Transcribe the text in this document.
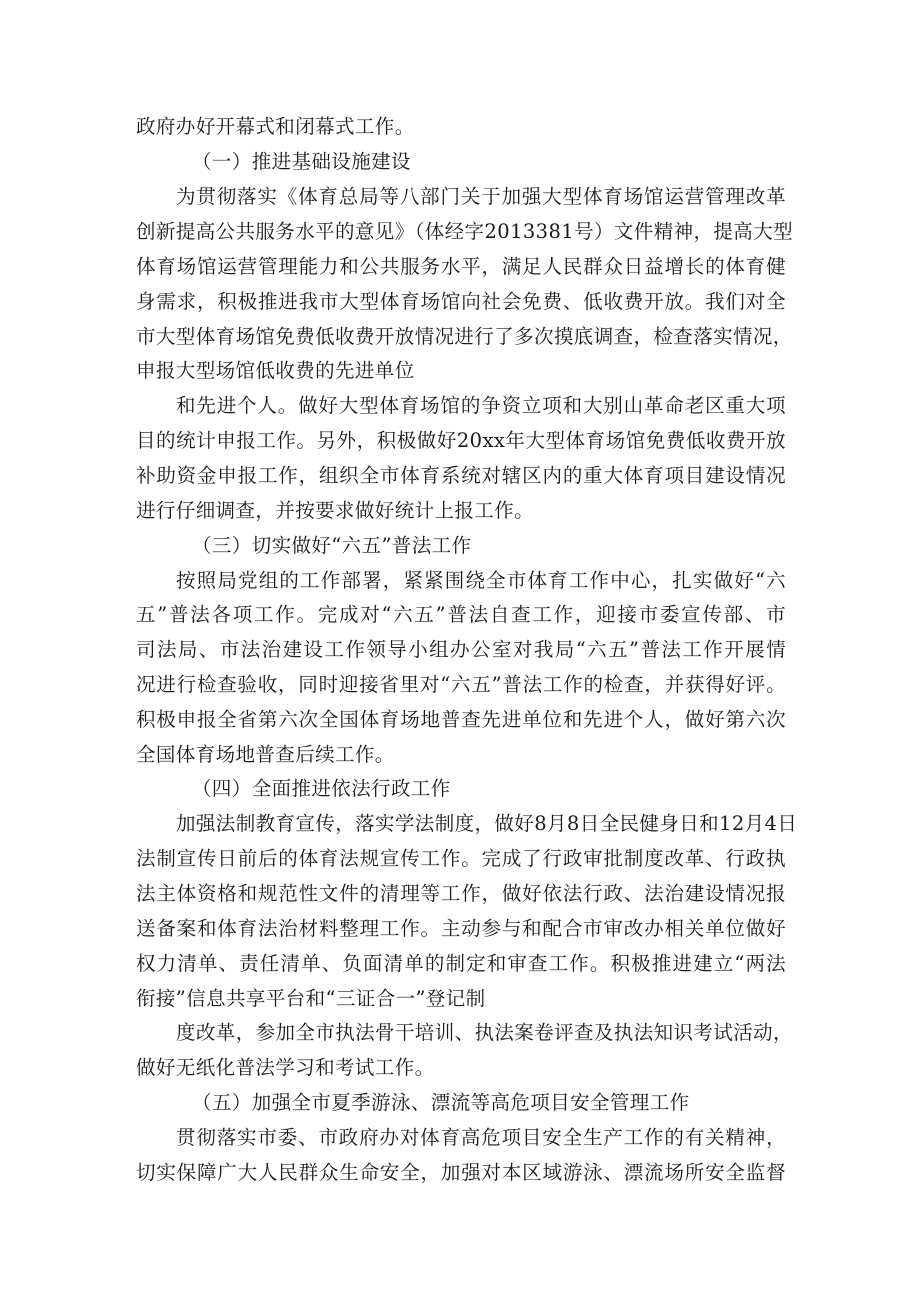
政府办好开幕式和闭幕式工作。
（一）推进基础设施建设
为贯彻落实《体育总局等八部门关于加强大型体育场馆运营管理改革
创新提高公共服务水平的意见》（体经字2013381号）文件精神，提高大型
体育场馆运营管理能力和公共服务水平，满足人民群众日益增长的体育健
身需求，积极推进我市大型体育场馆向社会免费、低收费开放。我们对全
市大型体育场馆免费低收费开放情况进行了多次摸底调查，检查落实情况，
申报大型场馆低收费的先进单位
和先进个人。做好大型体育场馆的争资立项和大别山革命老区重大项
目的统计申报工作。另外，积极做好20xx年大型体育场馆免费低收费开放
补助资金申报工作，组织全市体育系统对辖区内的重大体育项目建设情况
进行仔细调查，并按要求做好统计上报工作。
（三）切实做好“六五”普法工作
按照局党组的工作部署，紧紧围绕全市体育工作中心，扎实做好“六
五”普法各项工作。完成对“六五”普法自查工作，迎接市委宣传部、市
司法局、市法治建设工作领导小组办公室对我局“六五”普法工作开展情
况进行检查验收，同时迎接省里对“六五”普法工作的检查，并获得好评。
积极申报全省第六次全国体育场地普查先进单位和先进个人，做好第六次
全国体育场地普查后续工作。
（四）全面推进依法行政工作
加强法制教育宣传，落实学法制度，做好8月8日全民健身日和12月4日
法制宣传日前后的体育法规宣传工作。完成了行政审批制度改革、行政执
法主体资格和规范性文件的清理等工作，做好依法行政、法治建设情况报
送备案和体育法治材料整理工作。主动参与和配合市审改办相关单位做好
权力清单、责任清单、负面清单的制定和审查工作。积极推进建立“两法
衔接”信息共享平台和“三证合一”登记制
度改革，参加全市执法骨干培训、执法案卷评查及执法知识考试活动，
做好无纸化普法学习和考试工作。
（五）加强全市夏季游泳、漂流等高危项目安全管理工作
贯彻落实市委、市政府办对体育高危项目安全生产工作的有关精神，
切实保障广大人民群众生命安全，加强对本区域游泳、漂流场所安全监督
